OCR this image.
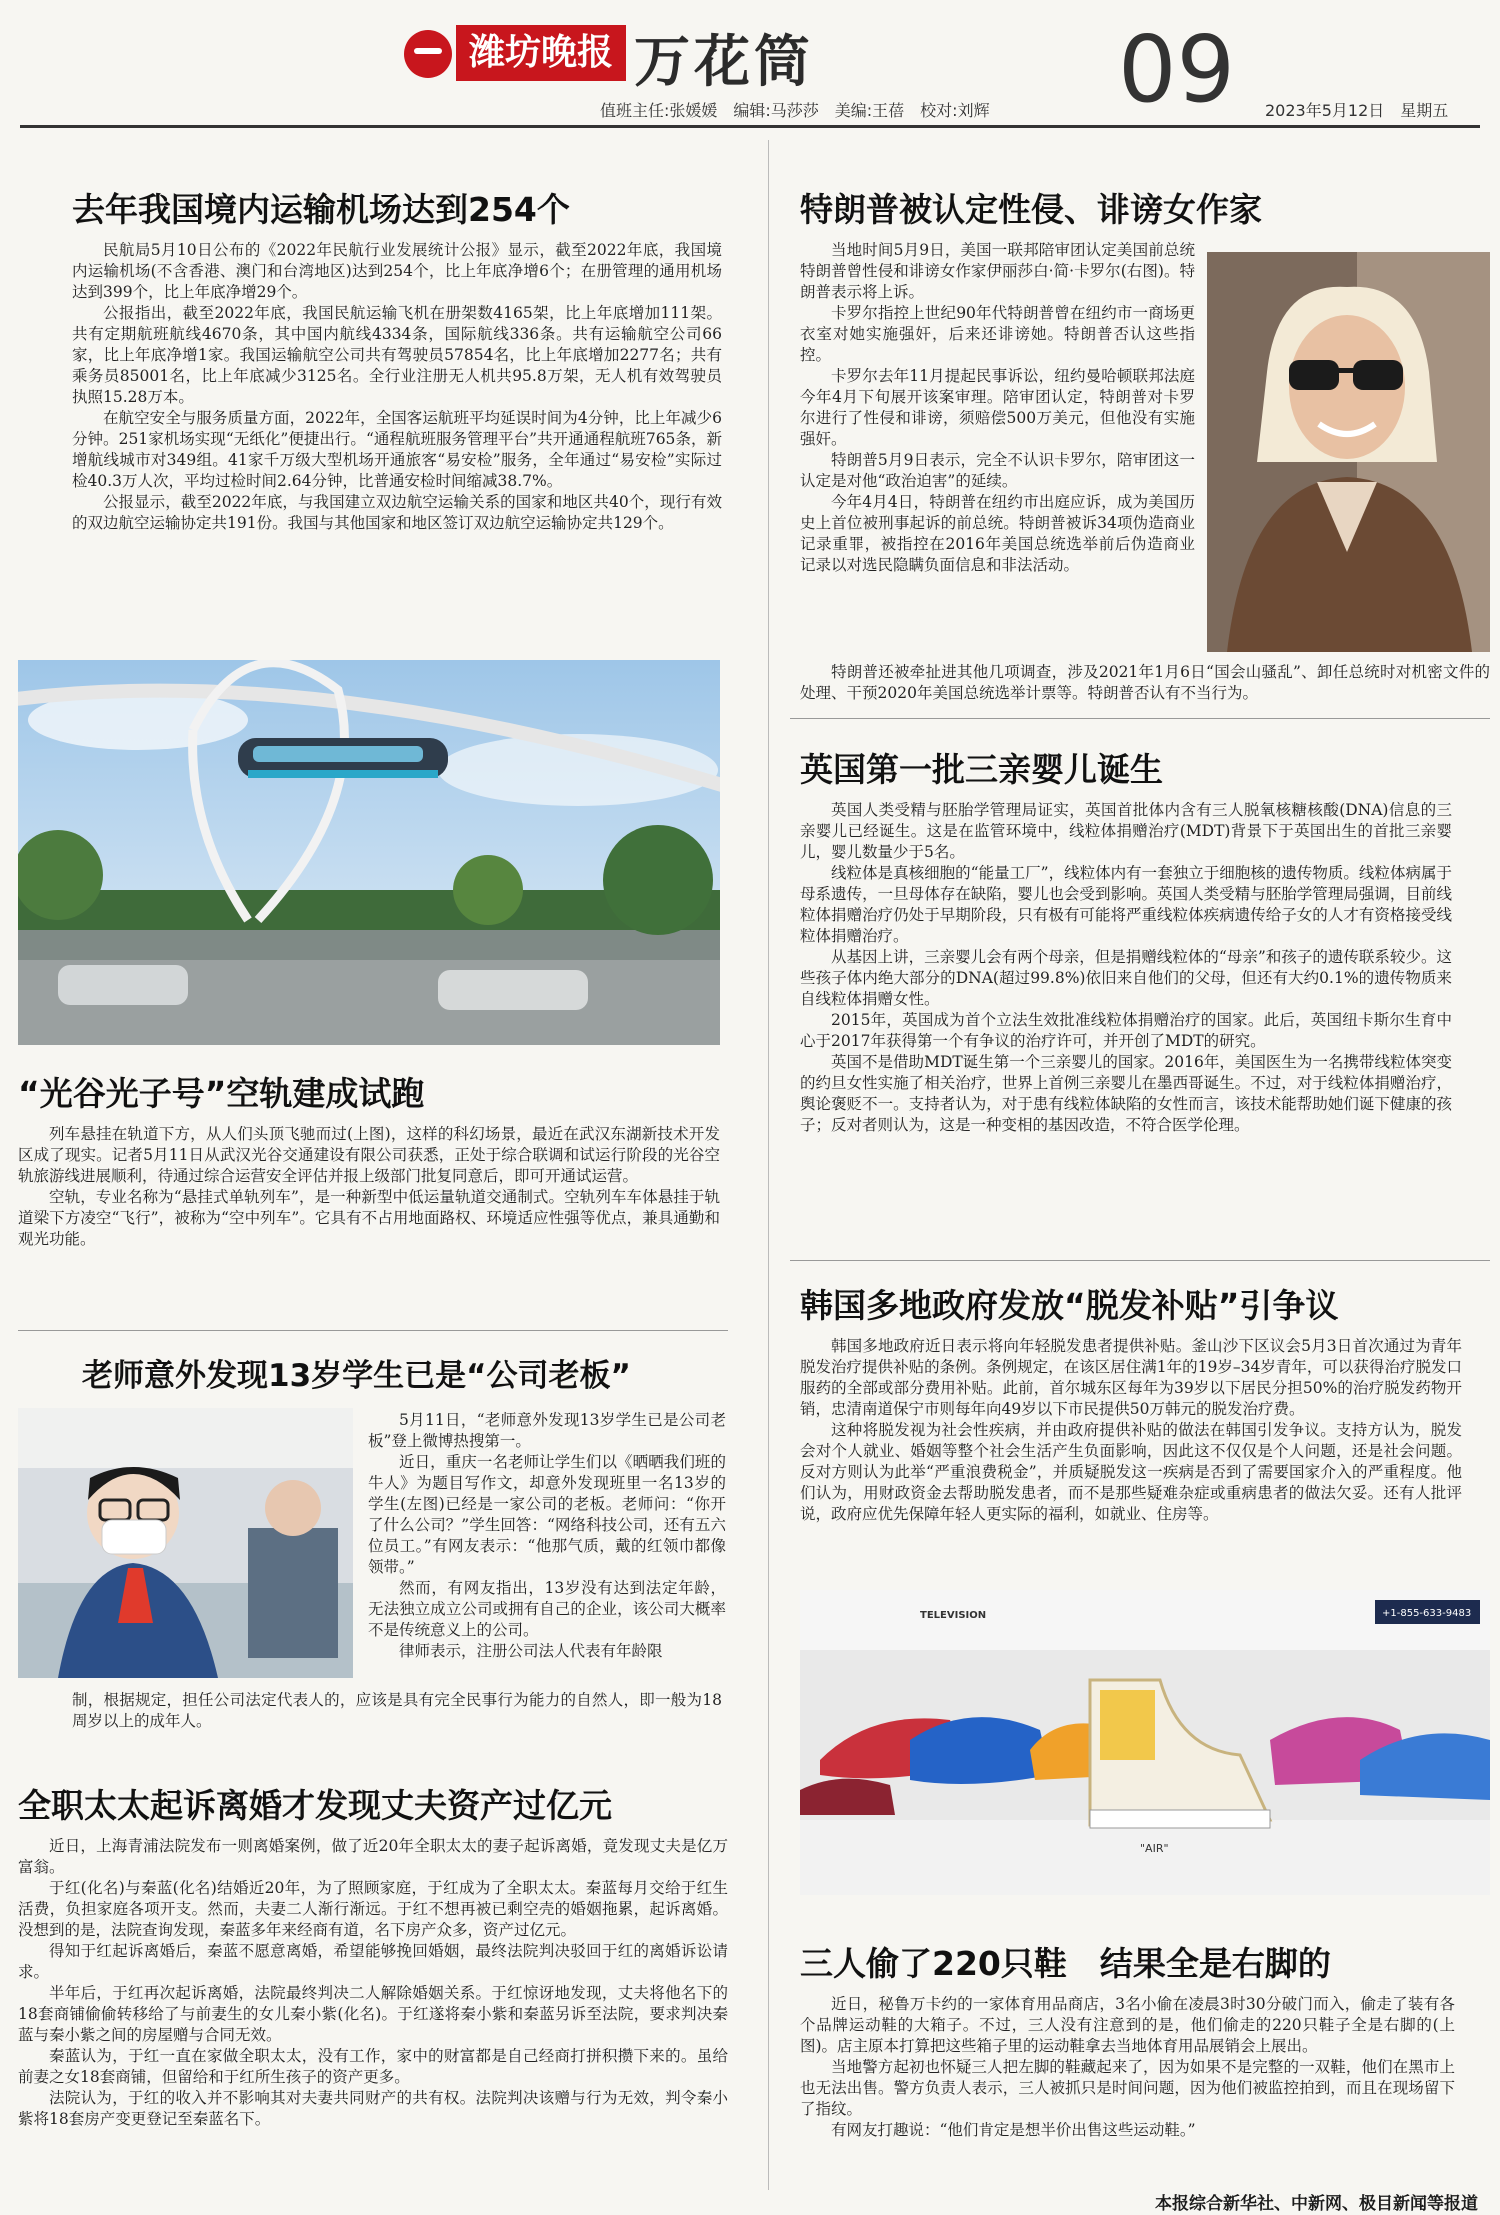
潍坊晚报 万花筒	09
值班主任:张媛媛　编辑:马莎莎　美编:王蓓　校对:刘辉	2023年5月12日　星期五
去年我国境内运输机场达到254个

民航局5月10日公布的《2022年民航行业发展统计公报》显示，截至2022年底，我国境内运输机场(不含香港、澳门和台湾地区)达到254个，比上年底净增6个；在册管理的通用机场达到399个，比上年底净增29个。

公报指出，截至2022年底，我国民航运输飞机在册架数4165架，比上年底增加111架。共有定期航班航线4670条，其中国内航线4334条，国际航线336条。共有运输航空公司66家，比上年底净增1家。我国运输航空公司共有驾驶员57854名，比上年底增加2277名；共有乘务员85001名，比上年底减少3125名。全行业注册无人机共95.8万架，无人机有效驾驶员执照15.28万本。

在航空安全与服务质量方面，2022年，全国客运航班平均延误时间为4分钟，比上年减少6分钟。251家机场实现“无纸化”便捷出行。“通程航班服务管理平台”共开通通程航班765条，新增航线城市对349组。41家千万级大型机场开通旅客“易安检”服务，全年通过“易安检”实际过检40.3万人次，平均过检时间2.64分钟，比普通安检时间缩减38.7%。

公报显示，截至2022年底，与我国建立双边航空运输关系的国家和地区共40个，现行有效的双边航空运输协定共191份。我国与其他国家和地区签订双边航空运输协定共129个。

“光谷光子号”空轨建成试跑

列车悬挂在轨道下方，从人们头顶飞驰而过(上图)，这样的科幻场景，最近在武汉东湖新技术开发区成了现实。记者5月11日从武汉光谷交通建设有限公司获悉，正处于综合联调和试运行阶段的光谷空轨旅游线进展顺利，待通过综合运营安全评估并报上级部门批复同意后，即可开通试运营。

空轨，专业名称为“悬挂式单轨列车”，是一种新型中低运量轨道交通制式。空轨列车车体悬挂于轨道梁下方凌空“飞行”，被称为“空中列车”。它具有不占用地面路权、环境适应性强等优点，兼具通勤和观光功能。

老师意外发现13岁学生已是“公司老板”

5月11日，“老师意外发现13岁学生已是公司老板”登上微博热搜第一。

近日，重庆一名老师让学生们以《晒晒我们班的牛人》为题目写作文，却意外发现班里一名13岁的学生(左图)已经是一家公司的老板。老师问：“你开了什么公司？”学生回答：“网络科技公司，还有五六位员工。”有网友表示：“他那气质，戴的红领巾都像领带。”

然而，有网友指出，13岁没有达到法定年龄，无法独立成立公司或拥有自己的企业，该公司大概率不是传统意义上的公司。

律师表示，注册公司法人代表有年龄限

制，根据规定，担任公司法定代表人的，应该是具有完全民事行为能力的自然人，即一般为18周岁以上的成年人。

全职太太起诉离婚才发现丈夫资产过亿元

近日，上海青浦法院发布一则离婚案例，做了近20年全职太太的妻子起诉离婚，竟发现丈夫是亿万富翁。

于红(化名)与秦蓝(化名)结婚近20年，为了照顾家庭，于红成为了全职太太。秦蓝每月交给于红生活费，负担家庭各项开支。然而，夫妻二人渐行渐远。于红不想再被已剩空壳的婚姻拖累，起诉离婚。没想到的是，法院查询发现，秦蓝多年来经商有道，名下房产众多，资产过亿元。

得知于红起诉离婚后，秦蓝不愿意离婚，希望能够挽回婚姻，最终法院判决驳回于红的离婚诉讼请求。

半年后，于红再次起诉离婚，法院最终判决二人解除婚姻关系。于红惊讶地发现，丈夫将他名下的18套商铺偷偷转移给了与前妻生的女儿秦小紫(化名)。于红遂将秦小紫和秦蓝另诉至法院，要求判决秦蓝与秦小紫之间的房屋赠与合同无效。

秦蓝认为，于红一直在家做全职太太，没有工作，家中的财富都是自己经商打拼积攒下来的。虽给前妻之女18套商铺，但留给和于红所生孩子的资产更多。

法院认为，于红的收入并不影响其对夫妻共同财产的共有权。法院判决该赠与行为无效，判令秦小紫将18套房产变更登记至秦蓝名下。

特朗普被认定性侵、诽谤女作家

当地时间5月9日，美国一联邦陪审团认定美国前总统特朗普曾性侵和诽谤女作家伊丽莎白·简·卡罗尔(右图)。特朗普表示将上诉。

卡罗尔指控上世纪90年代特朗普曾在纽约市一商场更衣室对她实施强奸，后来还诽谤她。特朗普否认这些指控。

卡罗尔去年11月提起民事诉讼，纽约曼哈顿联邦法庭今年4月下旬展开该案审理。陪审团认定，特朗普对卡罗尔进行了性侵和诽谤，须赔偿500万美元，但他没有实施强奸。

特朗普5月9日表示，完全不认识卡罗尔，陪审团这一认定是对他“政治迫害”的延续。

今年4月4日，特朗普在纽约市出庭应诉，成为美国历史上首位被刑事起诉的前总统。特朗普被诉34项伪造商业记录重罪，被指控在2016年美国总统选举前后伪造商业记录以对选民隐瞒负面信息和非法活动。

特朗普还被牵扯进其他几项调查，涉及2021年1月6日“国会山骚乱”、卸任总统时对机密文件的处理、干预2020年美国总统选举计票等。特朗普否认有不当行为。

英国第一批三亲婴儿诞生

英国人类受精与胚胎学管理局证实，英国首批体内含有三人脱氧核糖核酸(DNA)信息的三亲婴儿已经诞生。这是在监管环境中，线粒体捐赠治疗(MDT)背景下于英国出生的首批三亲婴儿，婴儿数量少于5名。

线粒体是真核细胞的“能量工厂”，线粒体内有一套独立于细胞核的遗传物质。线粒体病属于母系遗传，一旦母体存在缺陷，婴儿也会受到影响。英国人类受精与胚胎学管理局强调，目前线粒体捐赠治疗仍处于早期阶段，只有极有可能将严重线粒体疾病遗传给子女的人才有资格接受线粒体捐赠治疗。

从基因上讲，三亲婴儿会有两个母亲，但是捐赠线粒体的“母亲”和孩子的遗传联系较少。这些孩子体内绝大部分的DNA(超过99.8%)依旧来自他们的父母，但还有大约0.1%的遗传物质来自线粒体捐赠女性。

2015年，英国成为首个立法生效批准线粒体捐赠治疗的国家。此后，英国纽卡斯尔生育中心于2017年获得第一个有争议的治疗许可，并开创了MDT的研究。

英国不是借助MDT诞生第一个三亲婴儿的国家。2016年，美国医生为一名携带线粒体突变的约旦女性实施了相关治疗，世界上首例三亲婴儿在墨西哥诞生。不过，对于线粒体捐赠治疗，舆论褒贬不一。支持者认为，对于患有线粒体缺陷的女性而言，该技术能帮助她们诞下健康的孩子；反对者则认为，这是一种变相的基因改造，不符合医学伦理。

韩国多地政府发放“脱发补贴”引争议

韩国多地政府近日表示将向年轻脱发患者提供补贴。釜山沙下区议会5月3日首次通过为青年脱发治疗提供补贴的条例。条例规定，在该区居住满1年的19岁–34岁青年，可以获得治疗脱发口服药的全部或部分费用补贴。此前，首尔城东区每年为39岁以下居民分担50%的治疗脱发药物开销，忠清南道保宁市则每年向49岁以下市民提供50万韩元的脱发治疗费。

这种将脱发视为社会性疾病，并由政府提供补贴的做法在韩国引发争议。支持方认为，脱发会对个人就业、婚姻等整个社会生活产生负面影响，因此这不仅仅是个人问题，还是社会问题。反对方则认为此举“严重浪费税金”，并质疑脱发这一疾病是否到了需要国家介入的严重程度。他们认为，用财政资金去帮助脱发患者，而不是那些疑难杂症或重病患者的做法欠妥。还有人批评说，政府应优先保障年轻人更实际的福利，如就业、住房等。

TELEVISION	+1-855-633-9483
"AIR"
三人偷了220只鞋　结果全是右脚的

近日，秘鲁万卡约的一家体育用品商店，3名小偷在凌晨3时30分破门而入，偷走了装有各个品牌运动鞋的大箱子。不过，三人没有注意到的是，他们偷走的220只鞋子全是右脚的(上图)。店主原本打算把这些箱子里的运动鞋拿去当地体育用品展销会上展出。

当地警方起初也怀疑三人把左脚的鞋藏起来了，因为如果不是完整的一双鞋，他们在黑市上也无法出售。警方负责人表示，三人被抓只是时间问题，因为他们被监控拍到，而且在现场留下了指纹。

有网友打趣说：“他们肯定是想半价出售这些运动鞋。”

本报综合新华社、中新网、极目新闻等报道
